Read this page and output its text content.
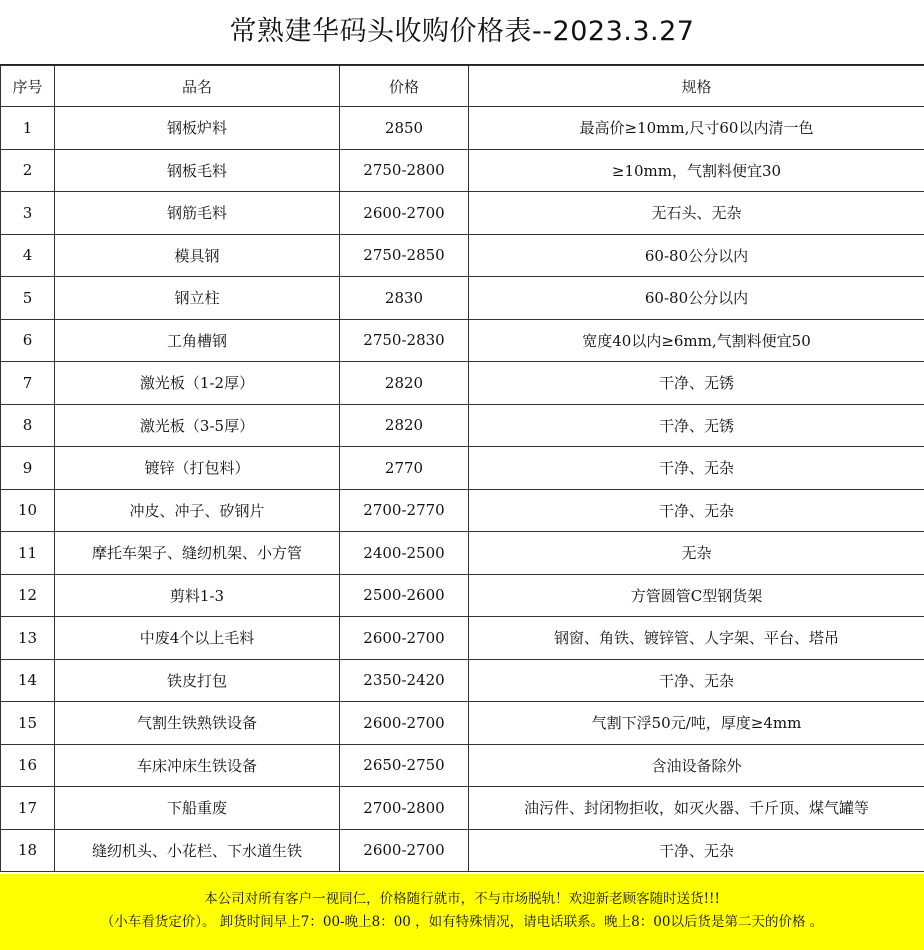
常熟建华码头收购价格表--2023.3.27
序号	品名	价格	规格
1	钢板炉料	2850	最高价≥10mm,尺寸60以内清一色
2	钢板毛料	2750-2800	≥10mm，气割料便宜30
3	钢筋毛料	2600-2700	无石头、无杂
4	模具钢	2750-2850	60-80公分以内
5	钢立柱	2830	60-80公分以内
6	工角槽钢	2750-2830	宽度40以内≥6mm,气割料便宜50
7	激光板（1-2厚）	2820	干净、无锈
8	激光板（3-5厚）	2820	干净、无锈
9	镀锌（打包料）	2770	干净、无杂
10	冲皮、冲子、矽钢片	2700-2770	干净、无杂
11	摩托车架子、缝纫机架、小方管	2400-2500	无杂
12	剪料1-3	2500-2600	方管圆管C型钢货架
13	中废4个以上毛料	2600-2700	钢窗、角铁、镀锌管、人字架、平台、塔吊
14	铁皮打包	2350-2420	干净、无杂
15	气割生铁熟铁设备	2600-2700	气割下浮50元/吨，厚度≥4mm
16	车床冲床生铁设备	2650-2750	含油设备除外
17	下船重废	2700-2800	油污件、封闭物拒收，如灭火器、千斤顶、煤气罐等
18	缝纫机头、小花栏、下水道生铁	2600-2700	干净、无杂
本公司对所有客户一视同仁，价格随行就市，不与市场脱轨！欢迎新老顾客随时送货!!!
（小车看货定价）。 卸货时间早上7：00-晚上8：00 ，如有特殊情况，请电话联系。晚上8：00以后货是第二天的价格 。
